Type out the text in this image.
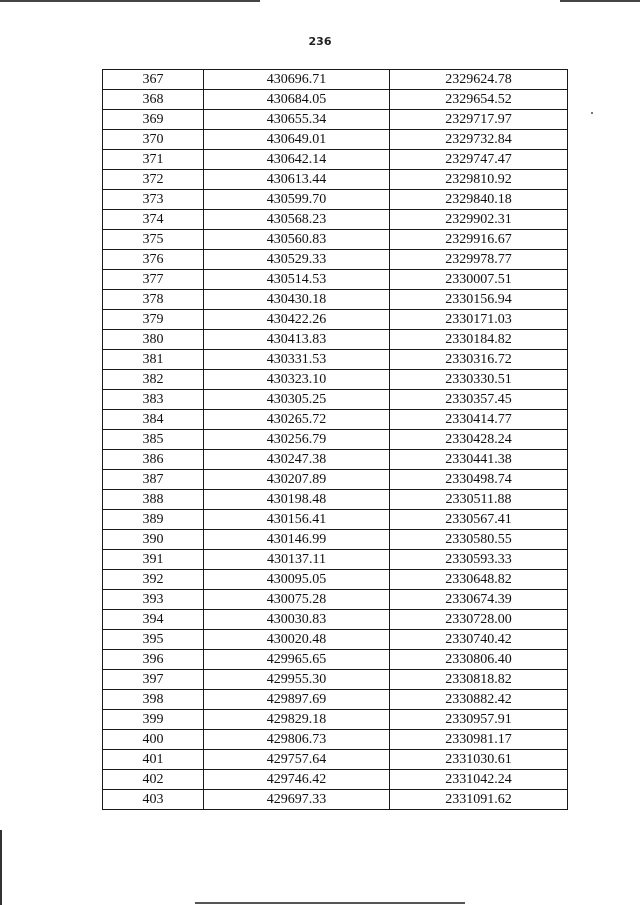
236
367	430696.71	2329624.78
368	430684.05	2329654.52
369	430655.34	2329717.97
370	430649.01	2329732.84
371	430642.14	2329747.47
372	430613.44	2329810.92
373	430599.70	2329840.18
374	430568.23	2329902.31
375	430560.83	2329916.67
376	430529.33	2329978.77
377	430514.53	2330007.51
378	430430.18	2330156.94
379	430422.26	2330171.03
380	430413.83	2330184.82
381	430331.53	2330316.72
382	430323.10	2330330.51
383	430305.25	2330357.45
384	430265.72	2330414.77
385	430256.79	2330428.24
386	430247.38	2330441.38
387	430207.89	2330498.74
388	430198.48	2330511.88
389	430156.41	2330567.41
390	430146.99	2330580.55
391	430137.11	2330593.33
392	430095.05	2330648.82
393	430075.28	2330674.39
394	430030.83	2330728.00
395	430020.48	2330740.42
396	429965.65	2330806.40
397	429955.30	2330818.82
398	429897.69	2330882.42
399	429829.18	2330957.91
400	429806.73	2330981.17
401	429757.64	2331030.61
402	429746.42	2331042.24
403	429697.33	2331091.62
